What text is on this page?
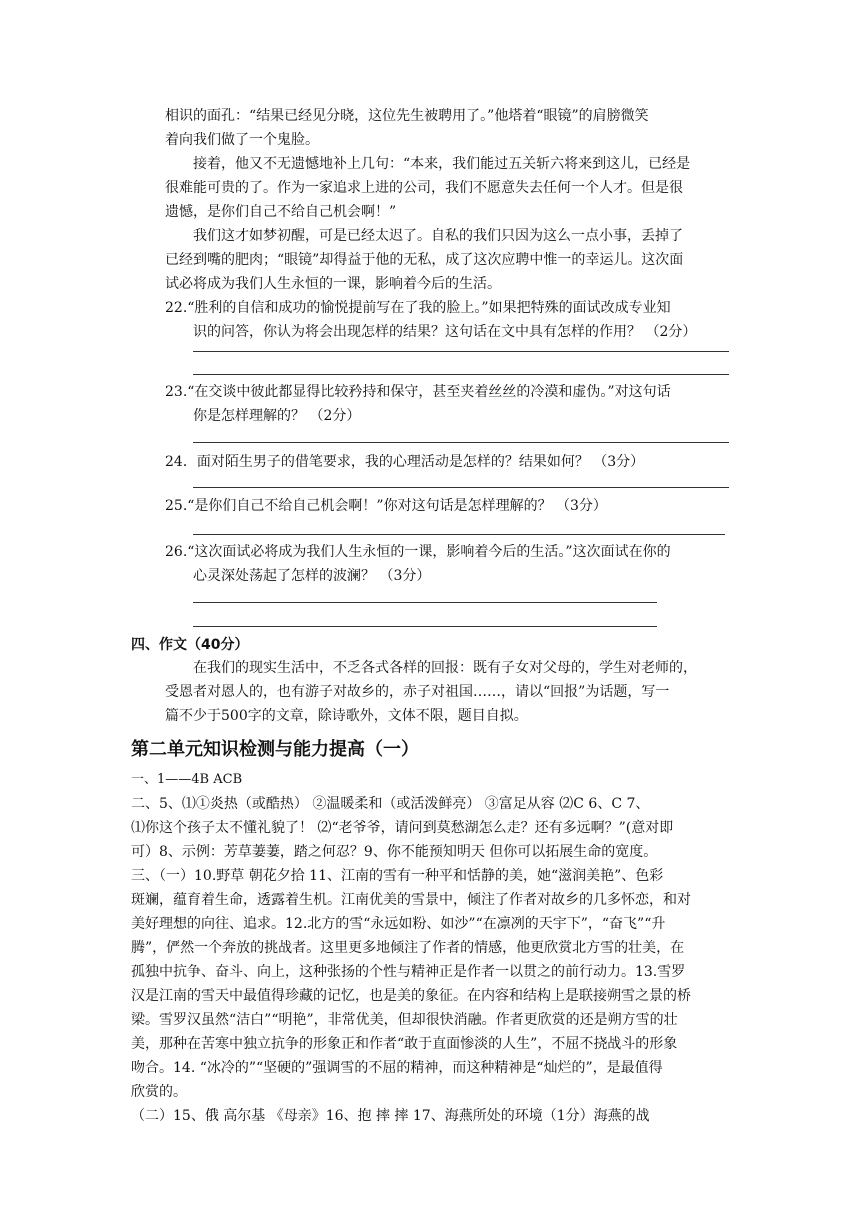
相识的面孔：“结果已经见分晓，这位先生被聘用了。”他塔着“眼镜”的肩膀微笑
着向我们做了一个鬼脸。
接着，他又不无遗憾地补上几句：“本来，我们能过五关斩六将来到这儿，已经是
很难能可贵的了。作为一家追求上进的公司，我们不愿意失去任何一个人才。但是很
遗憾，是你们自己不给自己机会啊！”
我们这才如梦初醒，可是已经太迟了。自私的我们只因为这么一点小事，丢掉了
已经到嘴的肥肉；“眼镜”却得益于他的无私，成了这次应聘中惟一的幸运儿。这次面
试必将成为我们人生永恒的一课，影响着今后的生活。
22.“胜利的自信和成功的愉悦提前写在了我的脸上。”如果把特殊的面试改成专业知
识的问答，你认为将会出现怎样的结果？这句话在文中具有怎样的作用？ （2分）
23.“在交谈中彼此都显得比较矜持和保守，甚至夹着丝丝的冷漠和虚伪。”对这句话
你是怎样理解的？ （2分）
24．面对陌生男子的借笔要求，我的心理活动是怎样的？结果如何？ （3分）
25.“是你们自己不给自己机会啊！”你对这句话是怎样理解的？ （3分）
26.“这次面试必将成为我们人生永恒的一课，影响着今后的生活。”这次面试在你的
心灵深处荡起了怎样的波澜？ （3分）
四、作文（40分）
在我们的现实生活中，不乏各式各样的回报：既有子女对父母的，学生对老师的，
受恩者对恩人的，也有游子对故乡的，赤子对祖国……，请以“回报”为话题，写一
篇不少于500字的文章，除诗歌外，文体不限，题目自拟。
第二单元知识检测与能力提高（一）
一、1——4B ACB
二、5、⑴①炎热（或酷热） ②温暖柔和（或活泼鲜亮） ③富足从容 ⑵C 6、C 7、
⑴你这个孩子太不懂礼貌了！ ⑵“老爷爷，请问到莫愁湖怎么走？还有多远啊？”(意对即
可）8、示例：芳草萋萋，踏之何忍？9、你不能预知明天 但你可以拓展生命的宽度。
三、（一）10.野草 朝花夕拾 11、江南的雪有一种平和恬静的美，她“滋润美艳”、色彩
斑斓，蕴育着生命，透露着生机。江南优美的雪景中，倾注了作者对故乡的几多怀恋，和对
美好理想的向往、追求。12.北方的雪“永远如粉、如沙”“在凛冽的天宇下”，“奋飞”“升
腾”，俨然一个奔放的挑战者。这里更多地倾注了作者的情感，他更欣赏北方雪的壮美，在
孤独中抗争、奋斗、向上，这种张扬的个性与精神正是作者一以贯之的前行动力。13.雪罗
汉是江南的雪天中最值得珍藏的记忆，也是美的象征。在内容和结构上是联接朔雪之景的桥
梁。雪罗汉虽然“洁白”“明艳”，非常优美，但却很快消融。作者更欣赏的还是朔方雪的壮
美，那种在苦寒中独立抗争的形象正和作者“敢于直面惨淡的人生”，不屈不挠战斗的形象
吻合。14. “冰冷的”“坚硬的”强调雪的不屈的精神，而这种精神是“灿烂的”，是最值得
欣赏的。
（二）15、俄 高尔基 《母亲》16、抱 摔 摔 17、海燕所处的环境（1分）海燕的战
